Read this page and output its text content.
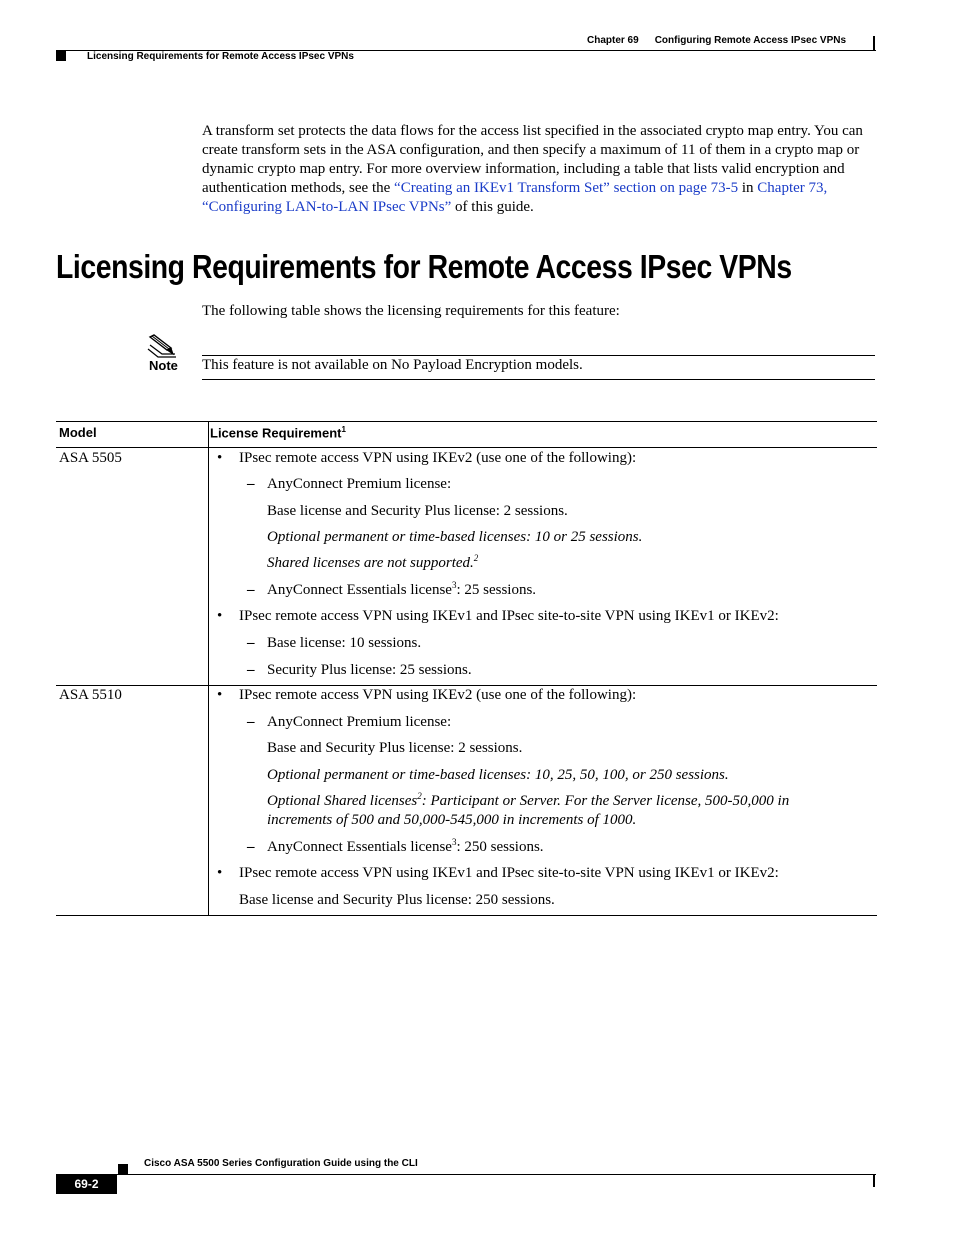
Chapter 69 Configuring Remote Access IPsec VPNs
Licensing Requirements for Remote Access IPsec VPNs
A transform set protects the data flows for the access list specified in the associated crypto map entry. You can create transform sets in the ASA configuration, and then specify a maximum of 11 of them in a crypto map or dynamic crypto map entry. For more overview information, including a table that lists valid encryption and authentication methods, see the “Creating an IKEv1 Transform Set” section on page 73-5 in Chapter 73, “Configuring LAN-to-LAN IPsec VPNs” of this guide.
Licensing Requirements for Remote Access IPsec VPNs
The following table shows the licensing requirements for this feature:
Note This feature is not available on No Payload Encryption models.
Model	License Requirement$^1$
ASA 5505	• IPsec remote access VPN using IKEv2 (use one of the following):
– AnyConnect Premium license:
Base license and Security Plus license: 2 sessions.
Optional permanent or time-based licenses: 10 or 25 sessions.
Shared licenses are not supported.$^2$
– AnyConnect Essentials license$^3$: 25 sessions.
• IPsec remote access VPN using IKEv1 and IPsec site-to-site VPN using IKEv1 or IKEv2:
– Base license: 10 sessions.
– Security Plus license: 25 sessions.
ASA 5510	• IPsec remote access VPN using IKEv2 (use one of the following):
– AnyConnect Premium license:
Base and Security Plus license: 2 sessions.
Optional permanent or time-based licenses: 10, 25, 50, 100, or 250 sessions.
Optional Shared licenses$^2$: Participant or Server. For the Server license, 500-50,000 in
increments of 500 and 50,000-545,000 in increments of 1000.
– AnyConnect Essentials license$^3$: 250 sessions.
• IPsec remote access VPN using IKEv1 and IPsec site-to-site VPN using IKEv1 or IKEv2:
Base license and Security Plus license: 250 sessions.
Cisco ASA 5500 Series Configuration Guide using the CLI
69-2
